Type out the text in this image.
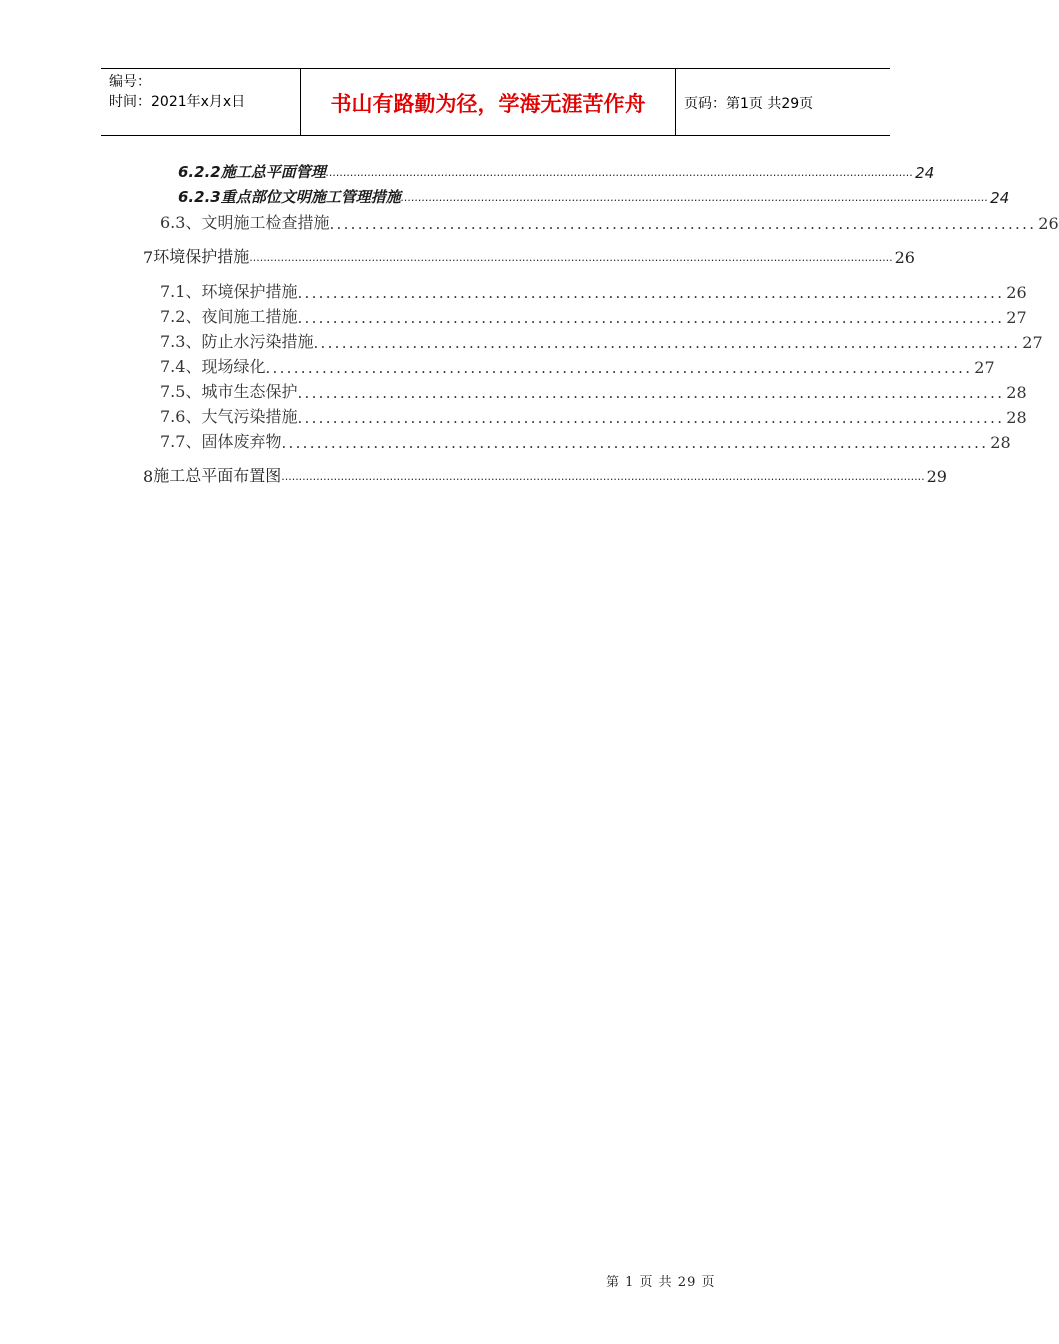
编号：
时间：2021年x月x日	书山有路勤为径，学海无涯苦作舟	页码：第1页 共29页
6.2.2施工总平面管理 ........................................................................................................................................................................ 24
6.2.3重点部位文明施工管理措施 ........................................................................................................................................................................ 24
6.3、文明施工检查措施 .................................................................................................... 26
7 环境保护措施 ........................................................................................................................................................................................ 26
7.1、环境保护措施 .................................................................................................... 26
7.2、夜间施工措施 .................................................................................................... 27
7.3、防止水污染措施 .................................................................................................... 27
7.4、现场绿化 .................................................................................................... 27
7.5、城市生态保护 .................................................................................................... 28
7.6、大气污染措施 .................................................................................................... 28
7.7、固体废弃物 .................................................................................................... 28
8 施工总平面布置图 ........................................................................................................................................................................................ 29
第 1 页 共 29 页
